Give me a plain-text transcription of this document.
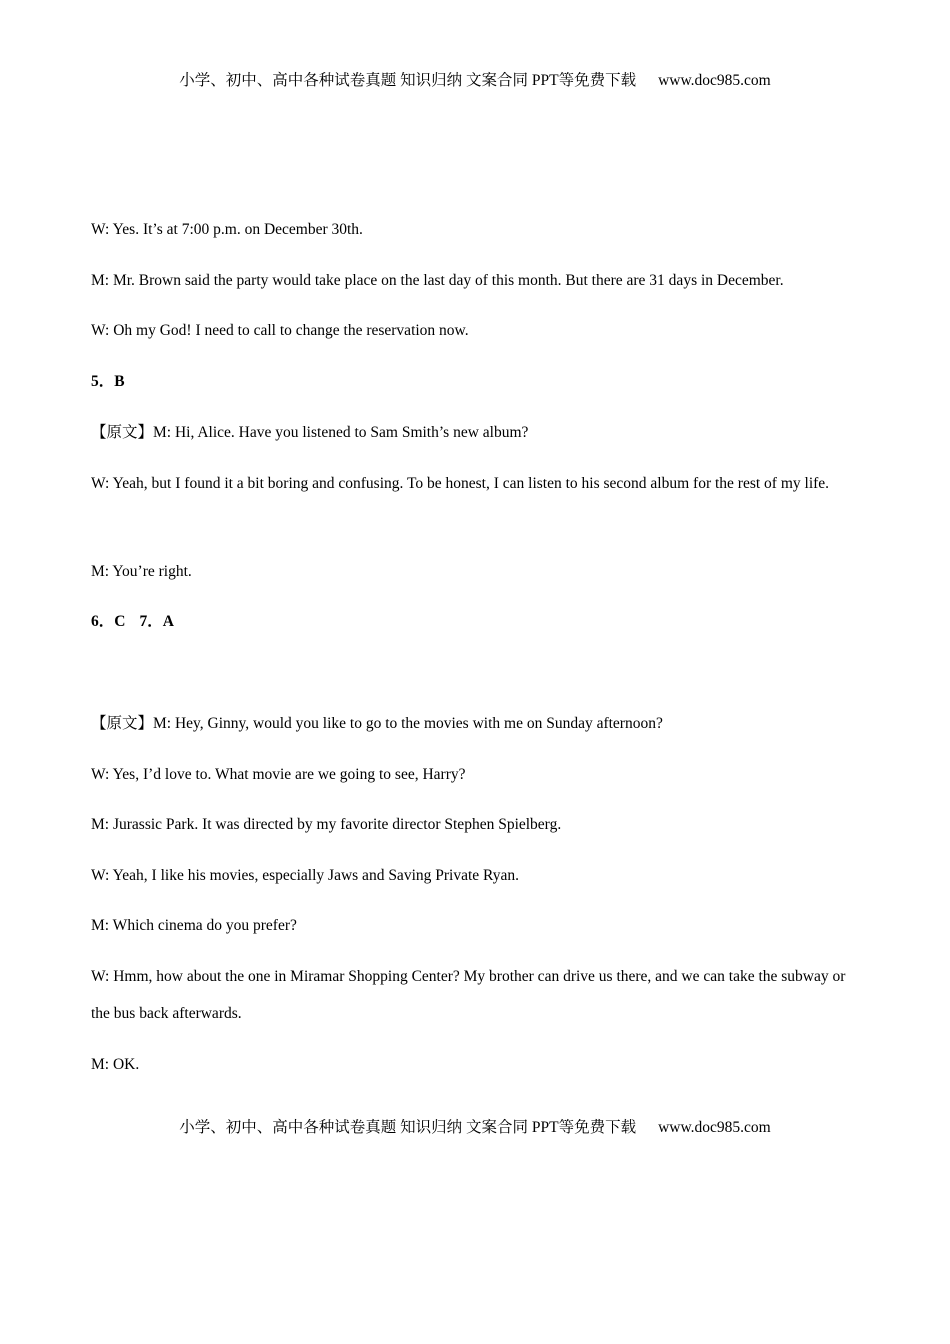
小学、初中、高中各种试卷真题 知识归纳 文案合同 PPT等免费下载 www.doc985.com
W: Yes. It’s at 7:00 p.m. on December 30th.
M: Mr. Brown said the party would take place on the last day of this month. But there are 31 days in December.
W: Oh my God! I need to call to change the reservation now.
5．B
【原文】M: Hi, Alice. Have you listened to Sam Smith’s new album?
W: Yeah, but I found it a bit boring and confusing. To be honest, I can listen to his second album for the rest of my life.
M: You’re right.
6．C 7．A
【原文】M: Hey, Ginny, would you like to go to the movies with me on Sunday afternoon?
W: Yes, I’d love to. What movie are we going to see, Harry?
M: Jurassic Park. It was directed by my favorite director Stephen Spielberg.
W: Yeah, I like his movies, especially Jaws and Saving Private Ryan.
M: Which cinema do you prefer?
W: Hmm, how about the one in Miramar Shopping Center? My brother can drive us there, and we can take the subway or the bus back afterwards.
M: OK.
小学、初中、高中各种试卷真题 知识归纳 文案合同 PPT等免费下载 www.doc985.com
